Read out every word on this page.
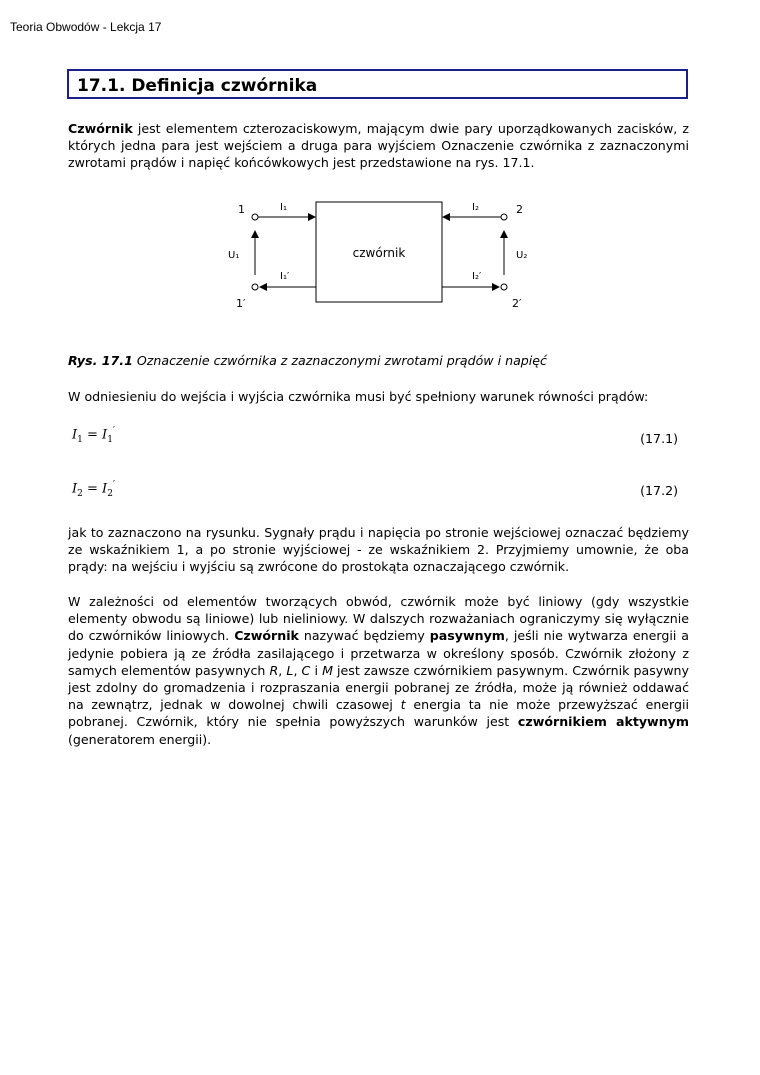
Teoria Obwodów - Lekcja 17
17.1. Definicja czwórnika
Czwórnik jest elementem czterozaciskowym, mającym dwie pary uporządkowanych zacisków, z których jedna para jest wejściem a druga para wyjściem Oznaczenie czwórnika z zaznaczonymi zwrotami prądów i napięć końcówkowych jest przedstawione na rys. 17.1.
czwórnik
1
1′
2
2′
I₁
I₁′
I₂
I₂′
U₁	U₂
Rys. 17.1 Oznaczenie czwórnika z zaznaczonymi zwrotami prądów i napięć
W odniesieniu do wejścia i wyjścia czwórnika musi być spełniony warunek równości prądów:
$I_1 = I_1'$	(17.1)
$I_2 = I_2'$	(17.2)
jak to zaznaczono na rysunku. Sygnały prądu i napięcia po stronie wejściowej oznaczać będziemy ze wskaźnikiem 1, a po stronie wyjściowej - ze wskaźnikiem 2. Przyjmiemy umownie, że oba prądy: na wejściu i wyjściu są zwrócone do prostokąta oznaczającego czwórnik.
W zależności od elementów tworzących obwód, czwórnik może być liniowy (gdy wszystkie elementy obwodu są liniowe) lub nieliniowy. W dalszych rozważaniach ograniczymy się wyłącznie do czwórników liniowych. Czwórnik nazywać będziemy pasywnym, jeśli nie wytwarza energii a jedynie pobiera ją ze źródła zasilającego i przetwarza w określony sposób. Czwórnik złożony z samych elementów pasywnych R, L, C i M jest zawsze czwórnikiem pasywnym. Czwórnik pasywny jest zdolny do gromadzenia i rozpraszania energii pobranej ze źródła, może ją również oddawać na zewnątrz, jednak w dowolnej chwili czasowej t energia ta nie może przewyższać energii pobranej. Czwórnik, który nie spełnia powyższych warunków jest czwórnikiem aktywnym (generatorem energii).
